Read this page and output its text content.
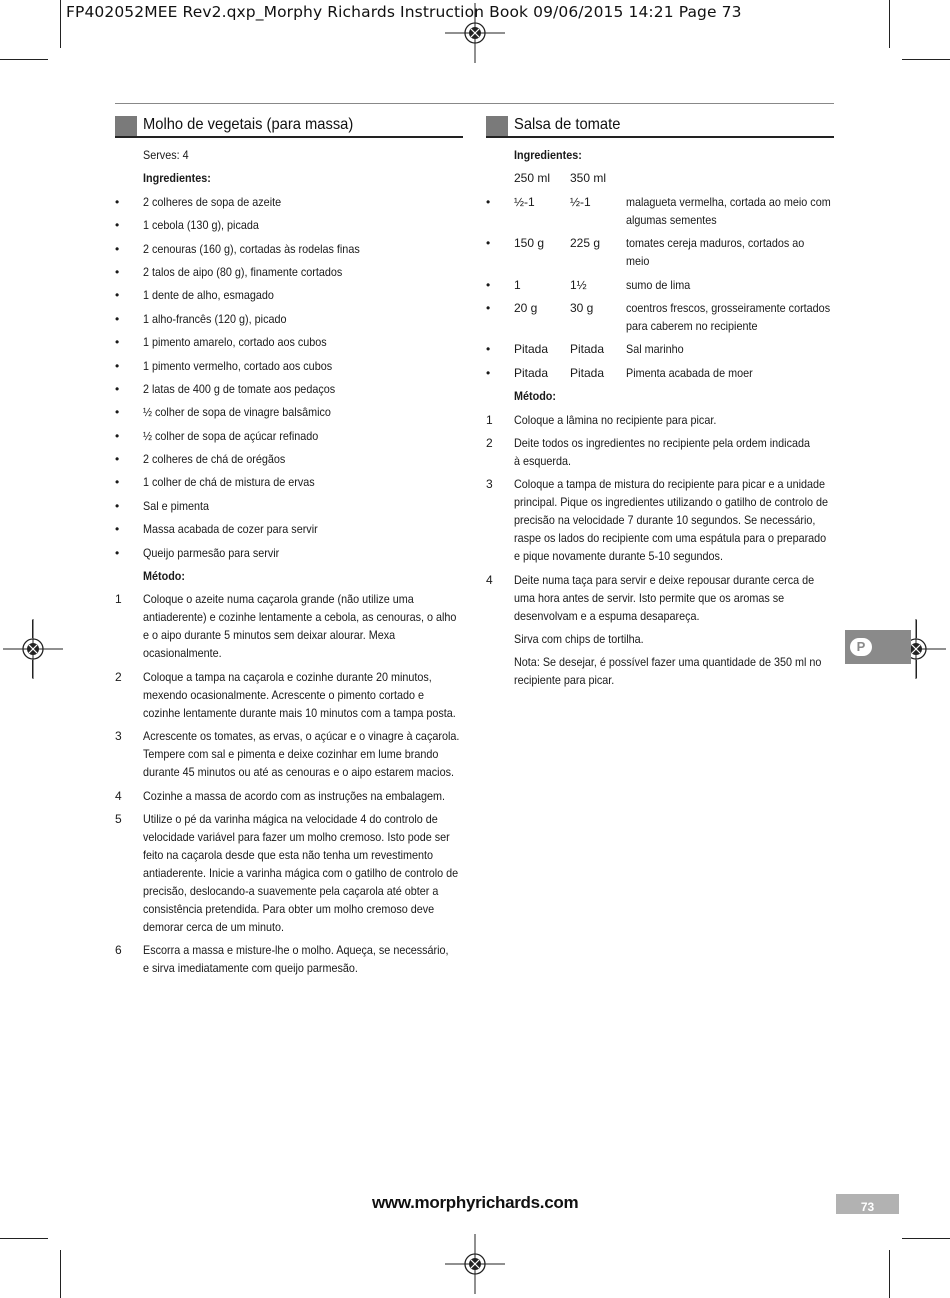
FP402052MEE Rev2.qxp_Morphy Richards Instruction Book 09/06/2015 14:21 Page 73
Molho de vegetais (para massa)
Serves: 4
Ingredientes:
•	2 colheres de sopa de azeite
•	1 cebola (130 g), picada
•	2 cenouras (160 g), cortadas às rodelas finas
•	2 talos de aipo (80 g), finamente cortados
•	1 dente de alho, esmagado
•	1 alho-francês (120 g), picado
•	1 pimento amarelo, cortado aos cubos
•	1 pimento vermelho, cortado aos cubos
•	2 latas de 400 g de tomate aos pedaços
•	½ colher de sopa de vinagre balsâmico
•	½ colher de sopa de açúcar refinado
•	2 colheres de chá de orégãos
•	1 colher de chá de mistura de ervas
•	Sal e pimenta
•	Massa acabada de cozer para servir
•	Queijo parmesão para servir
Método:
1	Coloque o azeite numa caçarola grande (não utilize uma
antiaderente) e cozinhe lentamente a cebola, as cenouras, o alho
e o aipo durante 5 minutos sem deixar alourar. Mexa
ocasionalmente.
2	Coloque a tampa na caçarola e cozinhe durante 20 minutos,
mexendo ocasionalmente. Acrescente o pimento cortado e
cozinhe lentamente durante mais 10 minutos com a tampa posta.
3	Acrescente os tomates, as ervas, o açúcar e o vinagre à caçarola.
Tempere com sal e pimenta e deixe cozinhar em lume brando
durante 45 minutos ou até as cenouras e o aipo estarem macios.
4	Cozinhe a massa de acordo com as instruções na embalagem.
5	Utilize o pé da varinha mágica na velocidade 4 do controlo de
velocidade variável para fazer um molho cremoso. Isto pode ser
feito na caçarola desde que esta não tenha um revestimento
antiaderente. Inicie a varinha mágica com o gatilho de controlo de
precisão, deslocando-a suavemente pela caçarola até obter a
consistência pretendida. Para obter um molho cremoso deve
demorar cerca de um minuto.
6	Escorra a massa e misture-lhe o molho. Aqueça, se necessário,
e sirva imediatamente com queijo parmesão.
Salsa de tomate
Ingredientes:
250 ml	350 ml
•	½-1	½-1	malagueta vermelha, cortada ao meio com
algumas sementes
•	150 g	225 g	tomates cereja maduros, cortados ao
meio
•	1	1½	sumo de lima
•	20 g	30 g	coentros frescos, grosseiramente cortados
para caberem no recipiente
•	Pitada	Pitada	Sal marinho
•	Pitada	Pitada	Pimenta acabada de moer
Método:
1	Coloque a lâmina no recipiente para picar.
2	Deite todos os ingredientes no recipiente pela ordem indicada
à esquerda.
3	Coloque a tampa de mistura do recipiente para picar e a unidade
principal. Pique os ingredientes utilizando o gatilho de controlo de
precisão na velocidade 7 durante 10 segundos. Se necessário,
raspe os lados do recipiente com uma espátula para o preparado
e pique novamente durante 5-10 segundos.
4	Deite numa taça para servir e deixe repousar durante cerca de
uma hora antes de servir. Isto permite que os aromas se
desenvolvam e a espuma desapareça.
Sirva com chips de tortilha.
Nota: Se desejar, é possível fazer uma quantidade de 350 ml no
recipiente para picar.
P
www.morphyrichards.com	73
